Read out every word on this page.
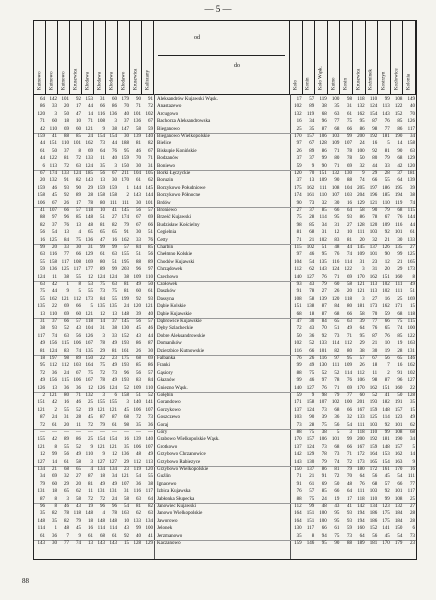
— 5 —
Kutnowo Kutnowo Kutnowo Kruszwica Kłodawa Kłodawa Kłodawa Kłodawo Kruszwica Kaliszany
od
do
Koło Konin Koło Wąsk. Kutno Kosin Kruszwica Kożminek Kostrzyn Kozłowice Kolonia
64 142 101	92 153	31	60 179	90	91 Aleksandrów Kujawski Wąsk.	17	57	119	100	98	118	110	99	108	149
86	33	20	17	44	66	86	70	71	72 Anastazewo	102	89	38	35	31	132	124	113	122	40
120	3	50	47	14 116 136	40 101 102 Arcugowo	132	119	68	63	61	162	154	143	152	70
71	60	18	10	71 108	3	37 136	67 Bachorza Aleksandrowska	16	34	96	77	75	95	87	76	85	126
42 110	69	60 121	9	38 147	58	59 Bieganowo	25	35	87	68	66	86	98	77	86	117
159	41	88	85	24 154 154	30 139 140 Bieganowo Wielkopolskie	170	157	106	103	99	200	192	181	190	34
44 151 110 101 162	73	44 188	81	82 Bielice	97	67	128	109	107	24	16	5	14	158
61	50	37	8	69	64	76	95	46	67 Biskupie Konińskie	26	89	86	71	78	100	92	81	90	63
44 122	81	72 133	11	40 159	70	71 Bodzanów	37	37	99	80	78	50	80	79	68	129
6 113	72	63 124	35	3 150	30	31 Boniewo	59	9	90	71	69	32	44	33	42	120
67 174 133 124 185	56	67 211 104 105 Borki Łęczyckie	120	70	151	132	130	9	29	28	37	181
20 132	91	82 143	13	30 170	61	62 Boruzin	37	13	109	90	88	74	66	55	64	139
159	46	93	90	29 159 159	1 144 145 Borzykowo Południowe	175	162	111	108	104	205	197	186	195	39
158	45	92	89	28 158 158	2 143 144 Borzykowo Północne	174	161	110	107	103	204	196	185	194	38
106	67	26	17	78	80 111 111	30 101 Brdów	90	73	32	30	16	129	121	110	119	74
41 107	66	57 118	10	41 145	56	57 Broniewo	27	37	85	66	64	58	90	79	68	115
88	97	96	85 148	51	27 174	67	69 Brześć Kujawski	75	28	114	95	93	86	78	67	76	144
82	37	76	13	48	81	82	79	67	66 Budzisław Kościelny	98	85	34	31	27	128	120	109	116	44
56	54	13	4	65	65	65	91	30	51 Cegielnia	81	68	31	12	10	111	103	92	101	61
16 125	84	75 136	47	16 162	33	76 Cetty	71	21	102	83	81	20	32	21	30	133
99	20	33	30	31	99	99	57	84	85 Charbin	115	102	51	48	44	145	137	126	135	27
63 116	77	66 129	61	63 155	51	56 Chełmno Kolskie	97	46	95	76	74	109	101	90	99	125
55 158 117 108 169	80	51 195	88	89 Chodów Kujawski	104	54	135	116	114	31	23	12	21	165
59 136 125 117 177	89	99 203	96	97 Chrządowek	112	62	143	124	122	3	31	20	29	173
124	11	38	55	12 124 124	38 109 110 Czechowo	140	127	76	71	69	170	162	151	160	8
63	42	1	8	53	75	63	81	49	50 Czołowek	93	43	79	60	58	121	113	102	111	49
75	44	9	5	55	73	75	81	60	61 Daszków	91	78	27	26	20	121	113	102	111	51
55 162 121 112 173	84	55 199	92	93 Dassyna	108	58	139	120	118	3	27	16	25	169
135	22	69	66	5 135 135	24 120 121 Dąbie Kolskie	151	138	87	84	80	181	173	162	171	15
13 110	69	60 121	12	13 148	39	40 Dąbie Kujawskie	68	18	87	68	66	58	70	59	68	118
31	37	66	57 118	14	37 145	56	57 Dąbrowice Kujawskie	47	30	84	65	63	39	77	66	75	115
38	93	52	43 104	31	38 130	45	46 Dęby Szlacheckie	72	43	70	51	49	64	76	65	74	100
117	74	63	56 126	3	33 152	43	44 Dobre Aleksandrowskie	50	36	92	73	71	95	87	76	85	122
49 156 115 106 167	78	49 193	86	87 Domaników	102	52	133	114	112	29	21	10	19	163
81 124	83	74 135	29	81 161	26	30 Dzierzbice Kutnowskie	116	66	101	82	80	38	30	19	28	131
18 197	98	89 150	22	23 175	68	69 Falbanka	76	26	116	97	95	57	67	56	65	146
95 112 112 103 164	75	49 193	85	86 Franki	99	49	130	111	109	26	18	7	16	162
72	36	24	67	75	72	73	96	56	57 Gąsiory	88	75	52	52	114	112	11	2	91	102
49 156 115 106 167	78	49 193	83	84 Głaznów	99	46	97	78	76	106	98	87	96	127
126	13	36	36	12 126 124	52 109 110 Gniezno Wąsk.	140	127	76	71	69	170	162	151	160	22
2 121	80	71 132	3	6 158	51	52 Gołębin	59	9	98	79	77	60	52	41	50	128
151	42	16	46	25 155 155	3 140 141 Gorandowo	171	158	107	102	100	201	193	182	191	35
121	2	55	52	19 121 121	45 106 107 Gorzykowo	137	124	73	68	66	167	159	148	157	15
87	24	31	28	45	87	87	68	72	73 Goszczewo	103	90	39	36	32	133	125	114	123	49
72	61	20	11	72	79	61	98	35	36 Goraj	73	28	75	56	54	111	103	92	101	62
—	—	—	—	—	—	—	—	—	— Góry	88	75	38	5	3	118	110	99	108	68
155	42	89	86	25 154 154	16 139 140 Grabowo Wielkopolskie Wąsk.	170	157	106	101	99	200	192	181	190	34
121	8	55	52	9 121 121	35 106 107 Grotkowo	137	124	73	68	66	167	159	148	157	5
12	99	56	49 110	9	12 136	48	49 Grzybowo Chrzanowice	142	129	78	73	71	172	164	153	162	14
127	14	61	58	3 127 127	29 112 113 Grzybowo Rabiezyce	143	130	79	74	72	173	165	154	163	9
134	21	68	65	4 134 134	23 119 120 Grzybowo Wielkopolskie	150	137	86	81	79	180	172	161	170	16
34	69	32	27	87	18	34 121	54	55 Guźlin	71	21	91	72	70	64	56	45	54	111
79	60	29	20	81	49	49 107	36	38 Ignacewo	91	61	69	50	48	76	68	57	66	77
131	18	65	62	11 131 131	31 116 117 Izbica Kujawska	76	57	85	66	64	111	103	92	101	117
87	8	3	58	72	72	24	58	63	64 Jabłonka Słupecka	88	75	24	19	17	118	110	99	108	25
96	8	46	43	19	96	96	54	81	82 Janowiec Kujawski	112	99	48	43	41	142	134	123	132	27
35	82	78 118 148	4	78 163	62	63 Janowo Wielkopolskie	164	151	100	95	93	194	186	175	184	28
148	35	82	79	18 148 148	10 133 134 Jaworowo	164	151	100	95	93	194	186	175	184	28
114	1	48	45	16 114 114	43	99 100 Jelonek	130	117	66	61	59	160	152	141	150	6
61	36	7	9	61	68	61	92	40	41 Jerzmanowo	35	8	94	75	73	64	56	45	54	73
143	30	77	74	13 143 143	15 128 129 Kaczanowo	159	146	95	90	88	189	181	170	179	23
88
